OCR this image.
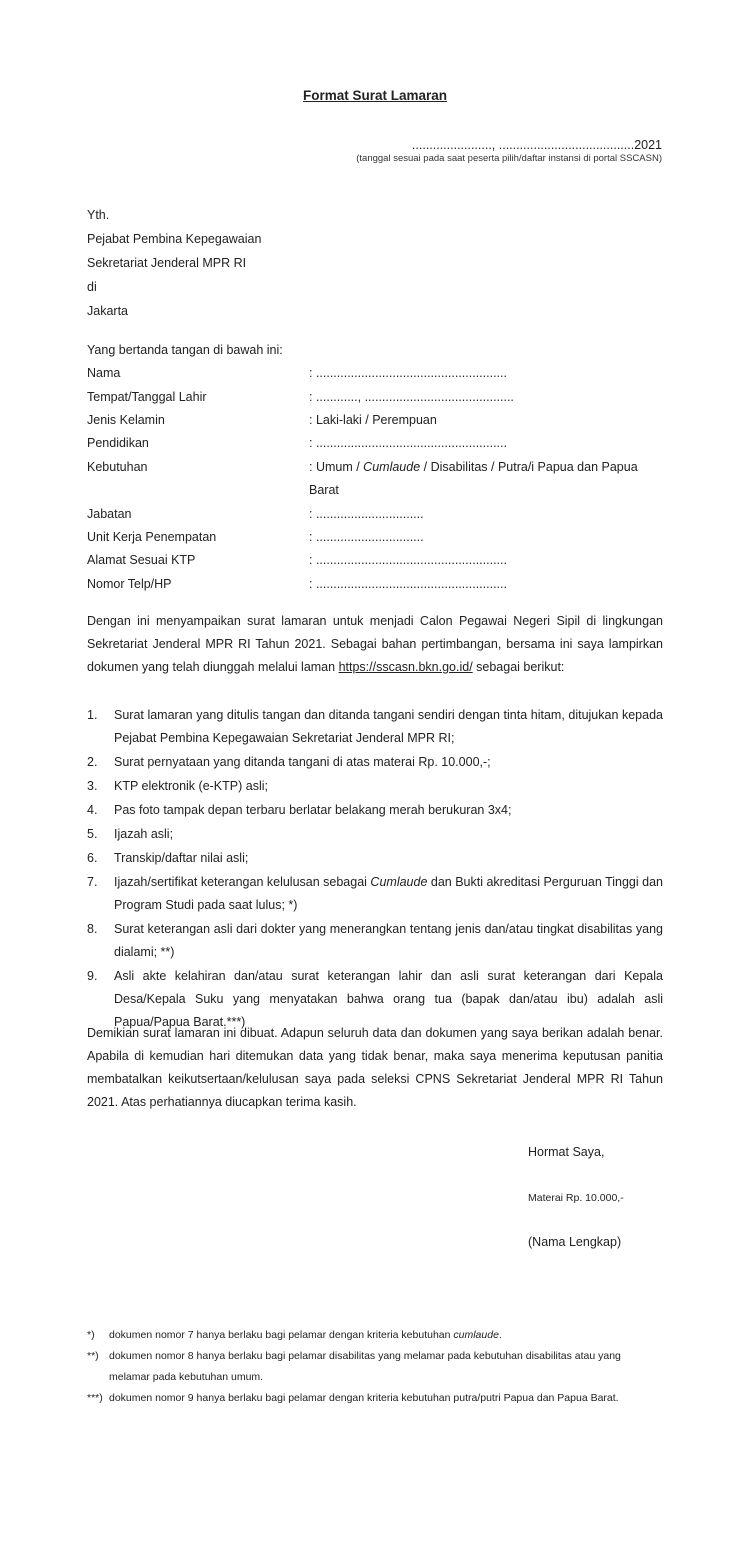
Format Surat Lamaran
......................., .......................................2021
(tanggal sesuai pada saat peserta pilih/daftar instansi di portal SSCASN)
Yth.
Pejabat Pembina Kepegawaian
Sekretariat Jenderal MPR RI
di
Jakarta
Yang bertanda tangan di bawah ini:
Nama	: .......................................................
Tempat/Tanggal Lahir	: ............, ...........................................
Jenis Kelamin	: Laki-laki / Perempuan
Pendidikan	: .......................................................
Kebutuhan	: Umum / Cumlaude / Disabilitas / Putra/i Papua dan Papua Barat
Jabatan	: ...............................
Unit Kerja Penempatan	: ...............................
Alamat Sesuai KTP	: .......................................................
Nomor Telp/HP	: .......................................................
Dengan ini menyampaikan surat lamaran untuk menjadi Calon Pegawai Negeri Sipil di lingkungan Sekretariat Jenderal MPR RI Tahun 2021. Sebagai bahan pertimbangan, bersama ini saya lampirkan dokumen yang telah diunggah melalui laman https://sscasn.bkn.go.id/ sebagai berikut:
1. Surat lamaran yang ditulis tangan dan ditanda tangani sendiri dengan tinta hitam, ditujukan kepada Pejabat Pembina Kepegawaian Sekretariat Jenderal MPR RI;
2. Surat pernyataan yang ditanda tangani di atas materai Rp. 10.000,-;
3. KTP elektronik (e-KTP) asli;
4. Pas foto tampak depan terbaru berlatar belakang merah berukuran 3x4;
5. Ijazah asli;
6. Transkip/daftar nilai asli;
7. Ijazah/sertifikat keterangan kelulusan sebagai Cumlaude dan Bukti akreditasi Perguruan Tinggi dan Program Studi pada saat lulus; *)
8. Surat keterangan asli dari dokter yang menerangkan tentang jenis dan/atau tingkat disabilitas yang dialami; **)
9. Asli akte kelahiran dan/atau surat keterangan lahir dan asli surat keterangan dari Kepala Desa/Kepala Suku yang menyatakan bahwa orang tua (bapak dan/atau ibu) adalah asli Papua/Papua Barat.***)
Demikian surat lamaran ini dibuat. Adapun seluruh data dan dokumen yang saya berikan adalah benar. Apabila di kemudian hari ditemukan data yang tidak benar, maka saya menerima keputusan panitia membatalkan keikutsertaan/kelulusan saya pada seleksi CPNS Sekretariat Jenderal MPR RI Tahun 2021. Atas perhatiannya diucapkan terima kasih.
Hormat Saya,
Materai Rp. 10.000,-
(Nama Lengkap)
*) dokumen nomor 7 hanya berlaku bagi pelamar dengan kriteria kebutuhan cumlaude.
**) dokumen nomor 8 hanya berlaku bagi pelamar disabilitas yang melamar pada kebutuhan disabilitas atau yang melamar pada kebutuhan umum.
***) dokumen nomor 9 hanya berlaku bagi pelamar dengan kriteria kebutuhan putra/putri Papua dan Papua Barat.
